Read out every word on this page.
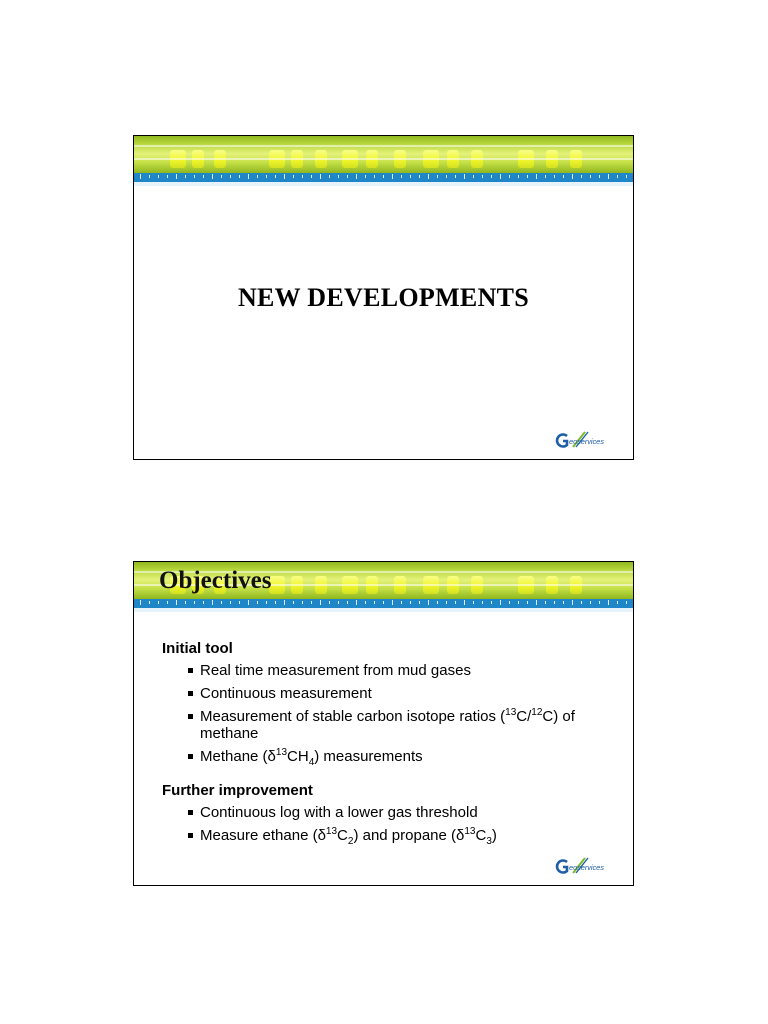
NEW DEVELOPMENTS
eoservices
Objectives
Initial tool
Real time measurement from mud gases
Continuous measurement
Measurement of stable carbon isotope ratios ($^{13}$C/$^{12}$C) of methane
Methane $(\delta^{13}CH_4)$ measurements
Further improvement
Continuous log with a lower gas threshold
Measure ethane $(\delta^{13}C_2)$ and propane $(\delta^{13}C_3)$
eoservices
